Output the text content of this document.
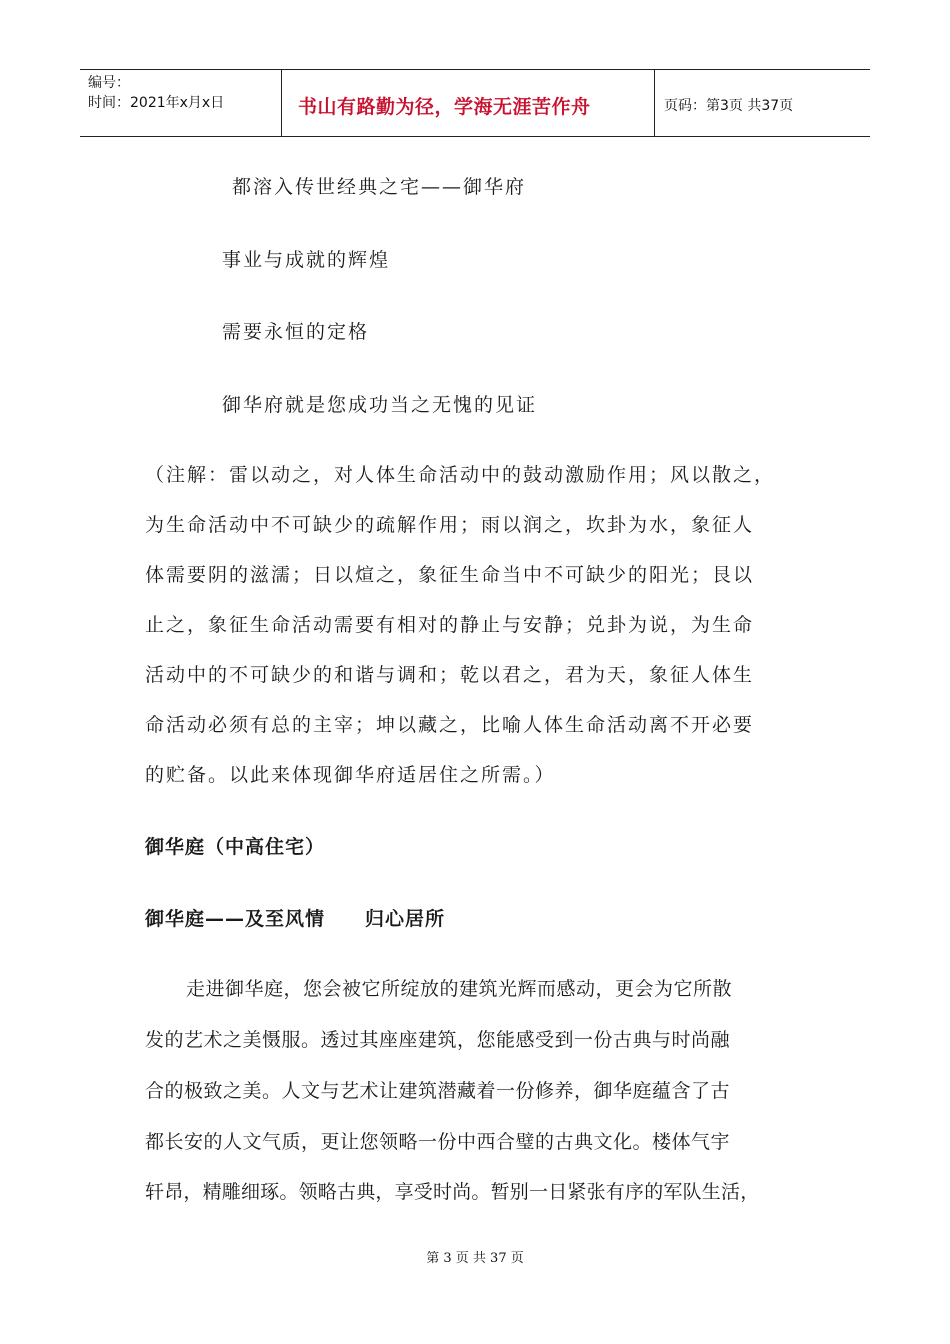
编号：
时间：2021年x月x日	书山有路勤为径，学海无涯苦作舟	页码：第3页 共37页
都溶入传世经典之宅——御华府
事业与成就的辉煌
需要永恒的定格
御华府就是您成功当之无愧的见证
（注解：雷以动之，对人体生命活动中的鼓动激励作用；风以散之，
为生命活动中不可缺少的疏解作用；雨以润之，坎卦为水，象征人
体需要阴的滋濡；日以煊之，象征生命当中不可缺少的阳光；艮以
止之，象征生命活动需要有相对的静止与安静；兑卦为说，为生命
活动中的不可缺少的和谐与调和；乾以君之，君为天，象征人体生
命活动必须有总的主宰；坤以藏之，比喻人体生命活动离不开必要
的贮备。以此来体现御华府适居住之所需。）
御华庭（中高住宅）
御华庭——及至风情　　归心居所
走进御华庭，您会被它所绽放的建筑光辉而感动，更会为它所散
发的艺术之美慑服。透过其座座建筑，您能感受到一份古典与时尚融
合的极致之美。人文与艺术让建筑潜藏着一份修养，御华庭蕴含了古
都长安的人文气质，更让您领略一份中西合璧的古典文化。楼体气宇
轩昂，精雕细琢。领略古典，享受时尚。暂别一日紧张有序的军队生活，
第 3 页 共 37 页
